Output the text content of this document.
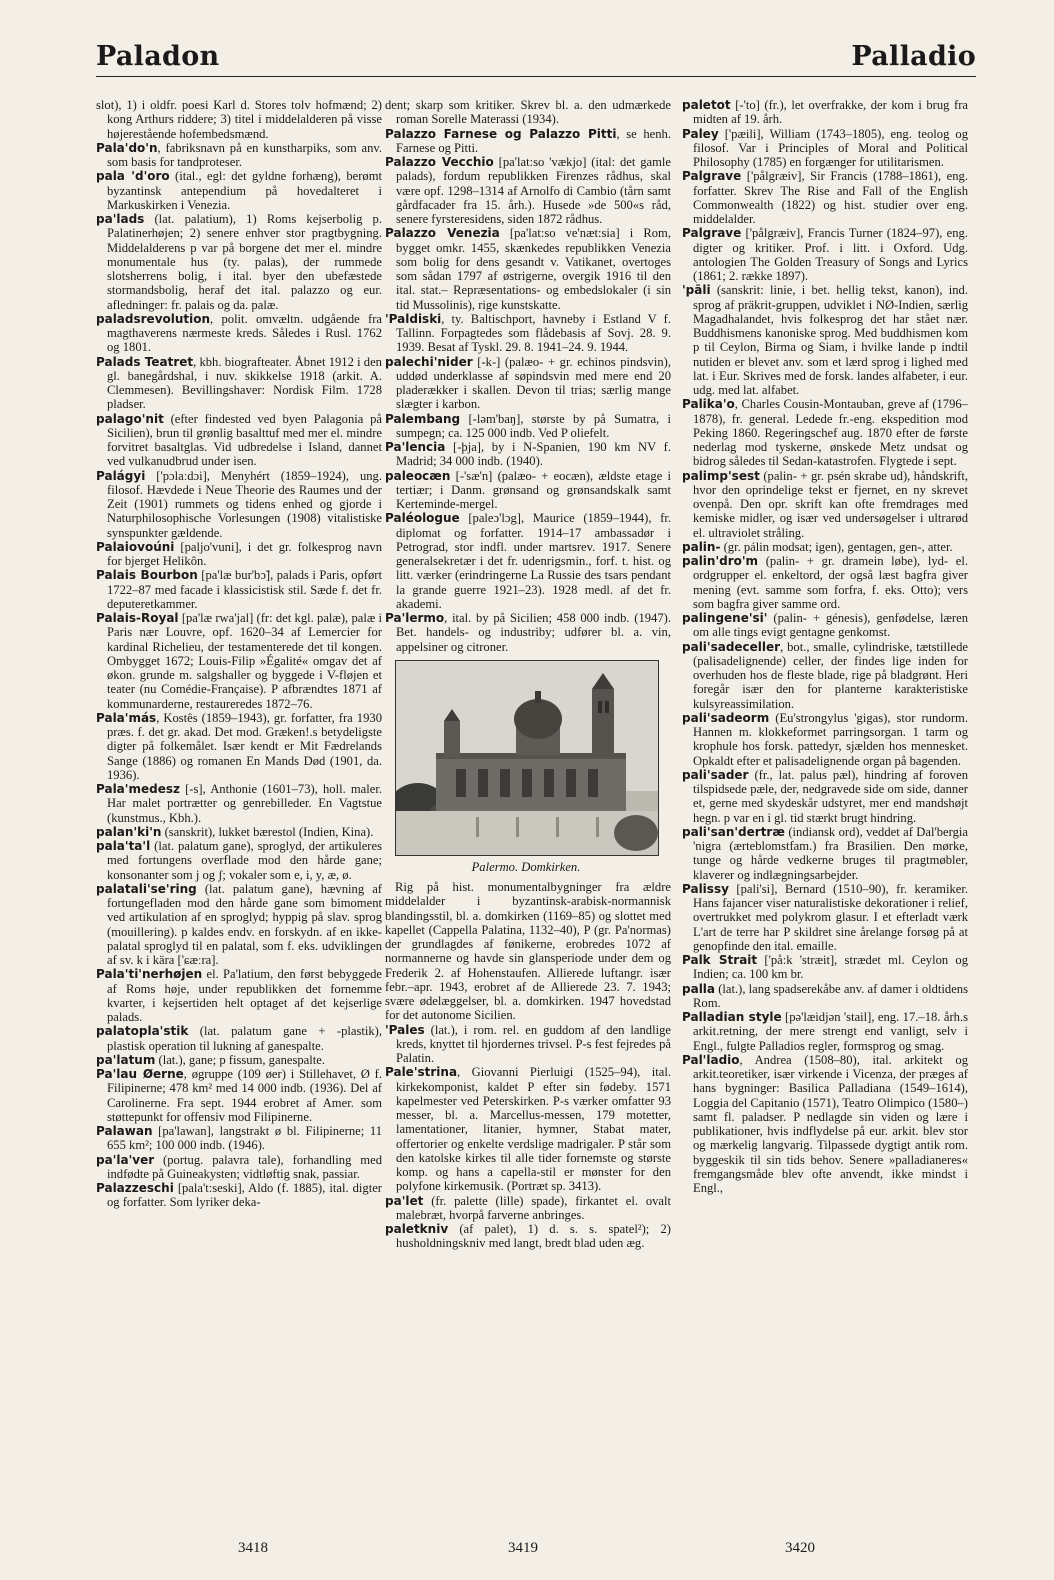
Paladon	Palladio

slot), 1) i oldfr. poesi Karl d. Stores tolv hofmænd; 2) kong Arthurs riddere; 3) titel i middelalderen på visse højerestående hofembedsmænd.

Pala'do'n, fabriksnavn på en kunstharpiks, som anv. som basis for tandproteser.

pala 'd'oro (ital., egl: det gyldne forhæng), berømt byzantinsk antependium på hovedalteret i Markuskirken i Venezia.

pa'lads (lat. palatium), 1) Roms kejserbolig p. Palatinerhøjen; 2) senere enhver stor pragtbygning. Middelalderens p var på borgene det mer el. mindre monumentale hus (ty. palas), der rummede slotsherrens bolig, i ital. byer den ubefæstede stormandsbolig, heraf det ital. palazzo og eur. afledninger: fr. palais og da. palæ.

paladsrevolution, polit. omvæltn. udgående fra magthaverens nærmeste kreds. Således i Rusl. 1762 og 1801.

Palads Teatret, kbh. biografteater. Åbnet 1912 i den gl. banegårdshal, i nuv. skikkelse 1918 (arkit. A. Clemmesen). Bevillingshaver: Nordisk Film. 1728 pladser.

palago'nit (efter findested ved byen Palagonia på Sicilien), brun til grønlig basalttuf med mer el. mindre forvitret basaltglas. Vid udbredelse i Island, dannet ved vulkanudbrud under isen.

Palágyi ['pɔlaːdɔi], Menyhért (1859–1924), ung. filosof. Hævdede i Neue Theorie des Raumes und der Zeit (1901) rummets og tidens enhed og gjorde i Naturphilosophische Vorlesungen (1908) vitalistiske synspunkter gældende.

Palaiovoúni [paljo'vuni], i det gr. folkesprog navn for bjerget Helikôn.

Palais Bourbon [pa'læ bur'bɔ̃], palads i Paris, opført 1722–87 med facade i klassicistisk stil. Sæde f. det fr. deputeretkammer.

Palais-Royal [pa'læ rwa'jal] (fr: det kgl. palæ), palæ i Paris nær Louvre, opf. 1620–34 af Lemercier for kardinal Richelieu, der testamenterede det til kongen. Ombygget 1672; Louis-Filip »Égalité« omgav det af økon. grunde m. salgshaller og byggede i V-fløjen et teater (nu Comédie-Française). P afbrændtes 1871 af kommunarderne, restaureredes 1872–76.

Pala'más, Kostês (1859–1943), gr. forfatter, fra 1930 præs. f. det gr. akad. Det mod. Græken!.s betydeligste digter på folkemålet. Især kendt er Mit Fædrelands Sange (1886) og romanen En Mands Død (1901, da. 1936).

Pala'medesz [-s], Anthonie (1601–73), holl. maler. Har malet portrætter og genrebilleder. En Vagtstue (kunstmus., Kbh.).

palan'ki'n (sanskrit), lukket bærestol (Indien, Kina).

pala'ta'l (lat. palatum gane), sproglyd, der artikuleres med fortungens overflade mod den hårde gane; konsonanter som j og ʃ; vokaler som e, i, y, æ, ø.

palatali'se'ring (lat. palatum gane), hævning af fortungefladen mod den hårde gane som bimoment ved artikulation af en sproglyd; hyppig på slav. sprog (mouillering). p kaldes endv. en forskydn. af en ikke-palatal sproglyd til en palatal, som f. eks. udviklingen af sv. k i kära ['ɕæːra].

Pala'ti'nerhøjen el. Pa'latium, den først bebyggede af Roms høje, under republikken det fornemme kvarter, i kejsertiden helt optaget af det kejserlige palads.

palatopla'stik (lat. palatum gane + -plastik), plastisk operation til lukning af ganespalte.

pa'latum (lat.), gane; p fissum, ganespalte.

Pa'lau Øerne, øgruppe (109 øer) i Stillehavet, Ø f. Filipinerne; 478 km² med 14 000 indb. (1936). Del af Carolinerne. Fra sept. 1944 erobret af Amer. som støttepunkt for offensiv mod Filipinerne.

Palawan [pa'lawan], langstrakt ø bl. Filipinerne; 11 655 km²; 100 000 indb. (1946).

pa'la'ver (portug. palavra tale), forhandling med indfødte på Guineakysten; vidtløftig snak, passiar.

Palazzeschi [pala't:seski], Aldo (f. 1885), ital. digter og forfatter. Som lyriker deka-

dent; skarp som kritiker. Skrev bl. a. den udmærkede roman Sorelle Materassi (1934).

Palazzo Farnese og Palazzo Pitti, se henh. Farnese og Pitti.

Palazzo Vecchio [pa'lat:so 'vækjo] (ital: det gamle palads), fordum republikken Firenzes rådhus, skal være opf. 1298–1314 af Arnolfo di Cambio (tårn samt gårdfacader fra 15. årh.). Husede »de 500«s råd, senere fyrsteresidens, siden 1872 rådhus.

Palazzo Venezia [pa'lat:so ve'næt:sia] i Rom, bygget omkr. 1455, skænkedes republikken Venezia som bolig for dens gesandt v. Vatikanet, overtoges som sådan 1797 af østrigerne, overgik 1916 til den ital. stat.– Repræsentations- og embedslokaler (i sin tid Mussolinis), rige kunstskatte.

'Paldiski, ty. Baltischport, havneby i Estland V f. Tallinn. Forpagtedes som flådebasis af Sovj. 28. 9. 1939. Besat af Tyskl. 29. 8. 1941–24. 9. 1944.

palechi'nider [-k-] (palæo- + gr. echinos pindsvin), uddød underklasse af søpindsvin med mere end 20 pladerækker i skallen. Devon til trias; særlig mange slægter i karbon.

Palembang [-ləm'baŋ], største by på Sumatra, i sumpegn; ca. 125 000 indb. Ved P oliefelt.

Pa'lencia [-þja], by i N-Spanien, 190 km NV f. Madrid; 34 000 indb. (1940).

paleocæn [-'sæ'n] (palæo- + eocæn), ældste etage i tertiær; i Danm. grønsand og grønsandskalk samt Kerteminde-mergel.

Paléologue [paleɔ'lɔg], Maurice (1859–1944), fr. diplomat og forfatter. 1914–17 ambassadør i Petrograd, stor indfl. under martsrev. 1917. Senere generalsekretær i det fr. udenrigsmin., forf. t. hist. og litt. værker (erindringerne La Russie des tsars pendant la grande guerre 1921–23). 1928 medl. af det fr. akademi.

Pa'lermo, ital. by på Sicilien; 458 000 indb. (1947). Bet. handels- og industriby; udfører bl. a. vin, appelsiner og citroner.

Palermo. Domkirken.

Rig på hist. monumentalbygninger fra ældre middelalder i byzantinsk-arabisk-normannisk blandingsstil, bl. a. domkirken (1169–85) og slottet med kapellet (Cappella Palatina, 1132–40), P (gr. Pa'normas) der grundlagdes af fønikerne, erobredes 1072 af normannerne og havde sin glansperiode under dem og Frederik 2. af Hohenstaufen. Allierede luftangr. især febr.–apr. 1943, erobret af de Allierede 23. 7. 1943; svære ødelæggelser, bl. a. domkirken. 1947 hovedstad for det autonome Sicilien.

'Pales (lat.), i rom. rel. en guddom af den landlige kreds, knyttet til hjordernes trivsel. P-s fest fejredes på Palatin.

Pale'strina, Giovanni Pierluigi (1525–94), ital. kirkekomponist, kaldet P efter sin fødeby. 1571 kapelmester ved Peterskirken. P-s værker omfatter 93 messer, bl. a. Marcellus-messen, 179 motetter, lamentationer, litanier, hymner, Stabat mater, offertorier og enkelte verdslige madrigaler. P står som den katolske kirkes til alle tider fornemste og største komp. og hans a capella-stil er mønster for den polyfone kirkemusik. (Portræt sp. 3413).

pa'let (fr. palette (lille) spade), firkantet el. ovalt malebræt, hvorpå farverne anbringes.

paletkniv (af palet), 1) d. s. s. spatel²); 2) husholdningskniv med langt, bredt blad uden æg.

paletot [-'to] (fr.), let overfrakke, der kom i brug fra midten af 19. årh.

Paley ['pæili], William (1743–1805), eng. teolog og filosof. Var i Principles of Moral and Political Philosophy (1785) en forgænger for utilitarismen.

Palgrave ['pålgræiv], Sir Francis (1788–1861), eng. forfatter. Skrev The Rise and Fall of the English Commonwealth (1822) og hist. studier over eng. middelalder.

Palgrave ['pålgræiv], Francis Turner (1824–97), eng. digter og kritiker. Prof. i litt. i Oxford. Udg. antologien The Golden Treasury of Songs and Lyrics (1861; 2. række 1897).

'pāli (sanskrit: linie, i bet. hellig tekst, kanon), ind. sprog af präkrit-gruppen, udviklet i NØ-Indien, særlig Magadhalandet, hvis folkesprog det har stået nær. Buddhismens kanoniske sprog. Med buddhismen kom p til Ceylon, Birma og Siam, i hvilke lande p indtil nutiden er blevet anv. som et lærd sprog i lighed med lat. i Eur. Skrives med de forsk. landes alfabeter, i eur. udg. med lat. alfabet.

Palika'o, Charles Cousin-Montauban, greve af (1796–1878), fr. general. Ledede fr.-eng. ekspedition mod Peking 1860. Regeringschef aug. 1870 efter de første nederlag mod tyskerne, ønskede Metz undsat og bidrog således til Sedan-katastrofen. Flygtede i sept.

palimp'sest (palin- + gr. psén skrabe ud), håndskrift, hvor den oprindelige tekst er fjernet, en ny skrevet ovenpå. Den opr. skrift kan ofte fremdrages med kemiske midler, og især ved undersøgelser i ultrarød el. ultraviolet stråling.

palin- (gr. pálin modsat; igen), gentagen, gen-, atter.

palin'dro'm (palin- + gr. dramein løbe), lyd- el. ordgrupper el. enkeltord, der også læst bagfra giver mening (evt. samme som forfra, f. eks. Otto); vers som bagfra giver samme ord.

palingene'si' (palin- + génesis), genfødelse, læren om alle tings evigt gentagne genkomst.

pali'sadeceller, bot., smalle, cylindriske, tætstillede (palisadelignende) celler, der findes lige inden for overhuden hos de fleste blade, rige på bladgrønt. Heri foregår især den for planterne karakteristiske kulsyreassimilation.

pali'sadeorm (Eu'strongylus 'gigas), stor rundorm. Hannen m. klokkeformet parringsorgan. 1 tarm og krophule hos forsk. pattedyr, sjælden hos mennesket. Opkaldt efter et palisadelignende organ på bagenden.

pali'sader (fr., lat. palus pæl), hindring af foroven tilspidsede pæle, der, nedgravede side om side, danner et, gerne med skydeskår udstyret, mer end mandshøjt hegn. p var en i gl. tid stærkt brugt hindring.

pali'san'dertræ (indiansk ord), veddet af Dal'bergia 'nigra (ærteblomstfam.) fra Brasilien. Den mørke, tunge og hårde vedkerne bruges til pragtmøbler, klaverer og indlægningsarbejder.

Palissy [pali'si], Bernard (1510–90), fr. keramiker. Hans fajancer viser naturalistiske dekorationer i relief, overtrukket med polykrom glasur. I et efterladt værk L'art de terre har P skildret sine årelange forsøg på at genopfinde den ital. emaille.

Palk Strait ['på:k 'stræit], strædet ml. Ceylon og Indien; ca. 100 km br.

palla (lat.), lang spadserekåbe anv. af damer i oldtidens Rom.

Palladian style [pə'læidjən 'stail], eng. 17.–18. årh.s arkit.retning, der mere strengt end vanligt, selv i Engl., fulgte Palladios regler, formsprog og smag.

Pal'ladio, Andrea (1508–80), ital. arkitekt og arkit.teoretiker, især virkende i Vicenza, der præges af hans bygninger: Basilica Palladiana (1549–1614), Loggia del Capitanio (1571), Teatro Olimpico (1580–) samt fl. paladser. P nedlagde sin viden og lære i publikationer, hvis indflydelse på eur. arkit. blev stor og mærkelig langvarig. Tilpassede dygtigt antik rom. byggeskik til sin tids behov. Senere »palladianeres« fremgangsmåde blev ofte anvendt, ikke mindst i Engl.,

3418	3419	3420
